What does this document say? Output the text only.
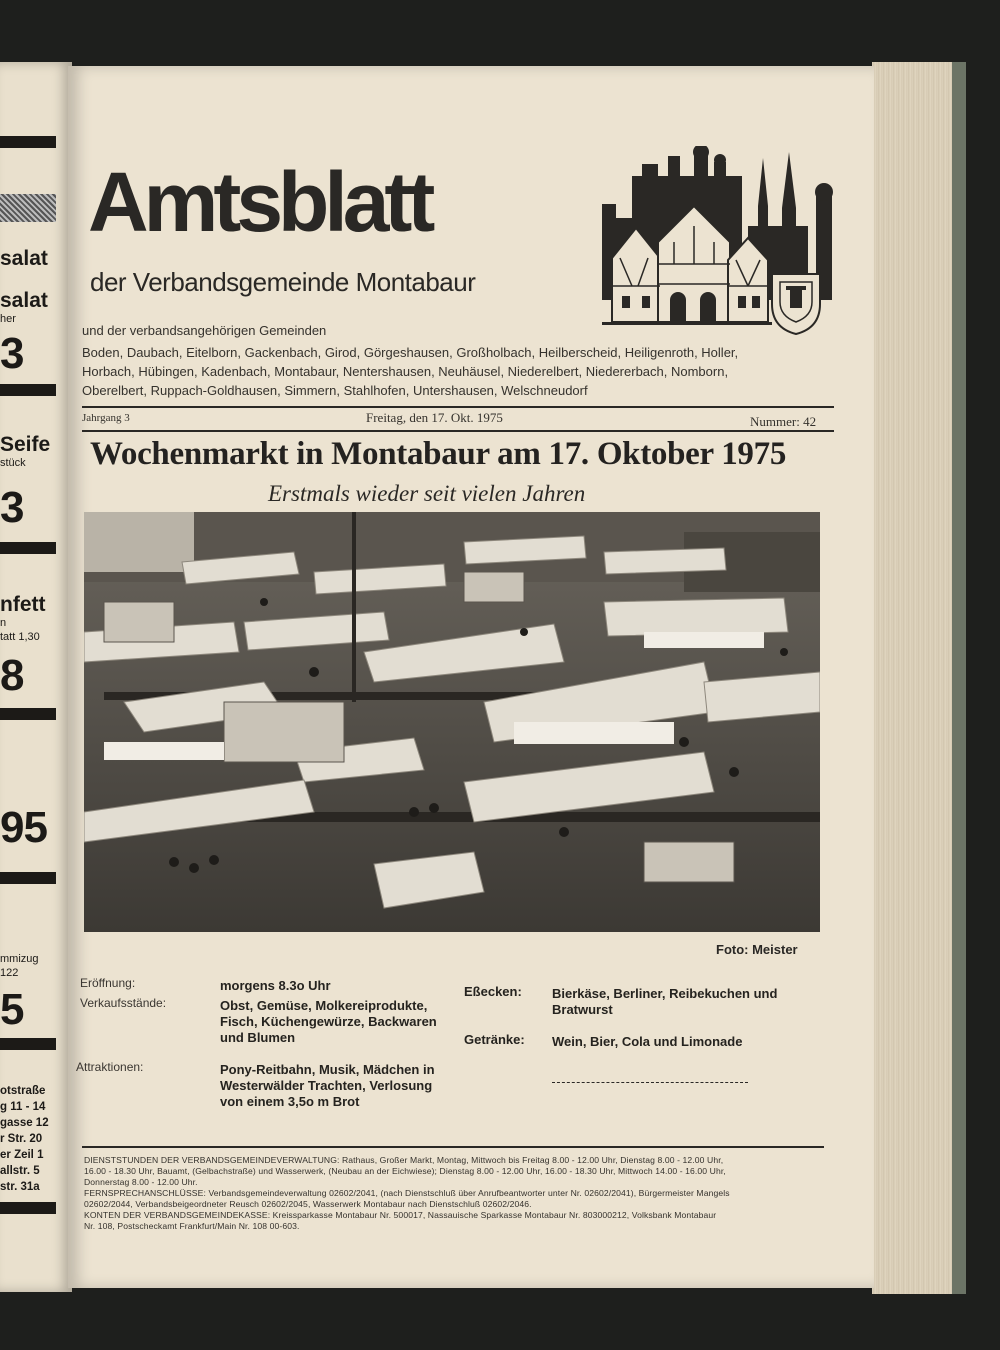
salat
salat
her
3
Seife
stück
3
nfett
n
tatt 1,30
8
95
mmizug
122
5
otstraße
g 11 - 14
gasse 12
r Str. 20
er Zeil 1
allstr. 5
str. 31a
Amtsblatt
der Verbandsgemeinde Montabaur
und der verbandsangehörigen Gemeinden
Boden, Daubach, Eitelborn, Gackenbach, Girod, Görgeshausen, Großholbach, Heilberscheid, Heiligenroth, Holler,
Horbach, Hübingen, Kadenbach, Montabaur, Nentershausen, Neuhäusel, Niederelbert, Niedererbach, Nomborn,
Oberelbert, Ruppach-Goldhausen, Simmern, Stahlhofen, Untershausen, Welschneudorf
Jahrgang 3	Freitag, den 17. Okt. 1975	Nummer: 42
Wochenmarkt in Montabaur am 17. Oktober 1975
Erstmals wieder seit vielen Jahren
Foto: Meister
Eröffnung:	morgens 8.3o Uhr
Verkaufsstände:	Obst, Gemüse, Molkereiprodukte,
Fisch, Küchengewürze, Backwaren
und Blumen
Attraktionen:	Pony-Reitbahn, Musik, Mädchen in
Westerwälder Trachten, Verlosung
von einem 3,5o m Brot
Eßecken: Bierkäse, Berliner, Reibekuchen und
Bratwurst
Getränke: Wein, Bier, Cola und Limonade
DIENSTSTUNDEN DER VERBANDSGEMEINDEVERWALTUNG: Rathaus, Großer Markt, Montag, Mittwoch bis Freitag 8.00 - 12.00 Uhr, Dienstag 8.00 - 12.00 Uhr,
16.00 - 18.30 Uhr, Bauamt, (Gelbachstraße) und Wasserwerk, (Neubau an der Eichwiese); Dienstag 8.00 - 12.00 Uhr, 16.00 - 18.30 Uhr, Mittwoch 14.00 - 16.00 Uhr,
Donnerstag 8.00 - 12.00 Uhr.
FERNSPRECHANSCHLÜSSE: Verbandsgemeindeverwaltung 02602/2041, (nach Dienstschluß über Anrufbeantworter unter Nr. 02602/2041), Bürgermeister Mangels
02602/2044, Verbandsbeigeordneter Reusch 02602/2045, Wasserwerk Montabaur nach Dienstschluß 02602/2046.
KONTEN DER VERBANDSGEMEINDEKASSE: Kreissparkasse Montabaur Nr. 500017, Nassauische Sparkasse Montabaur Nr. 803000212, Volksbank Montabaur
Nr. 108, Postscheckamt Frankfurt/Main Nr. 108 00-603.
